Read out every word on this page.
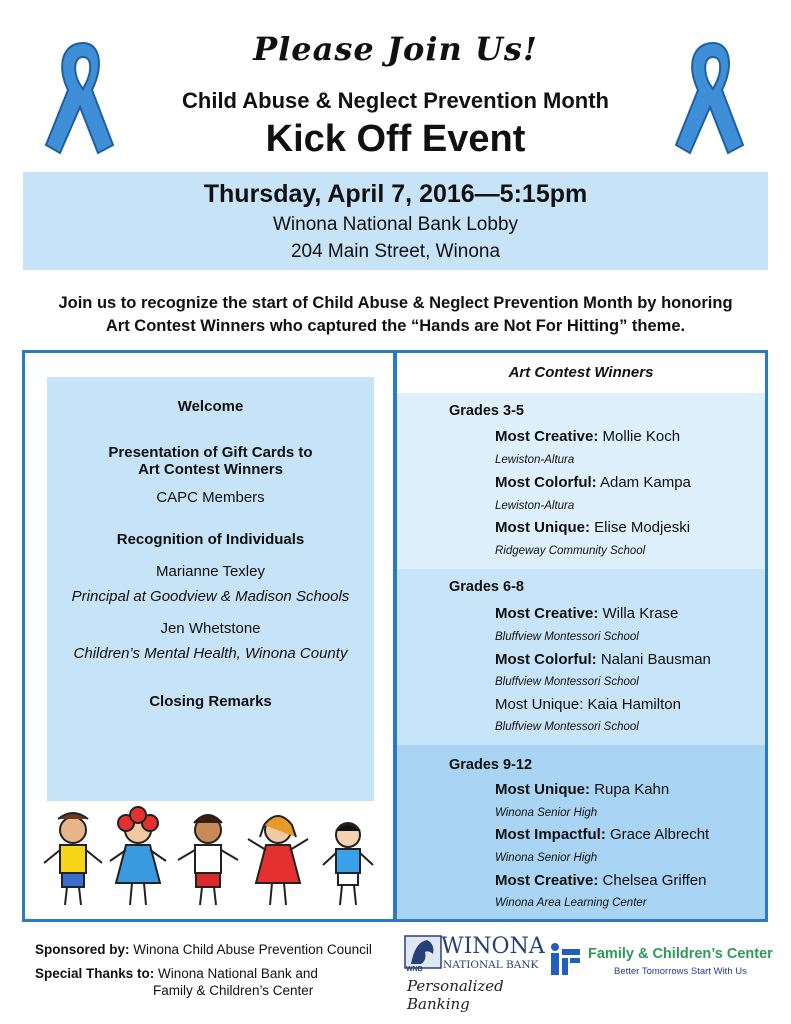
Please Join Us!
Child Abuse & Neglect Prevention Month
Kick Off Event
Thursday, April 7, 2016—5:15pm
Winona National Bank Lobby
204 Main Street, Winona
Join us to recognize the start of Child Abuse & Neglect Prevention Month by honoring
Art Contest Winners who captured the “Hands are Not For Hitting” theme.
Welcome
Presentation of Gift Cards to
Art Contest Winners
CAPC Members
Recognition of Individuals
Marianne Texley
Principal at Goodview & Madison Schools
Jen Whetstone
Children’s Mental Health, Winona County
Closing Remarks
Art Contest Winners
Grades 3-5
Most Creative: Mollie Koch
Lewiston-Altura
Most Colorful: Adam Kampa
Lewiston-Altura
Most Unique: Elise Modjeski
Ridgeway Community School
Grades 6-8
Most Creative: Willa Krase
Bluffview Montessori School
Most Colorful: Nalani Bausman
Bluffview Montessori School
Most Unique: Kaia Hamilton
Bluffview Montessori School
Grades 9-12
Most Unique: Rupa Kahn
Winona Senior High
Most Impactful: Grace Albrecht
Winona Senior High
Most Creative: Chelsea Griffen
Winona Area Learning Center
Sponsored by: Winona Child Abuse Prevention Council
Special Thanks to: Winona National Bank and
Family & Children’s Center
WNB
WINONA
NATIONAL BANK
Personalized Banking
Family & Children’s Center
Better Tomorrows Start With Us
